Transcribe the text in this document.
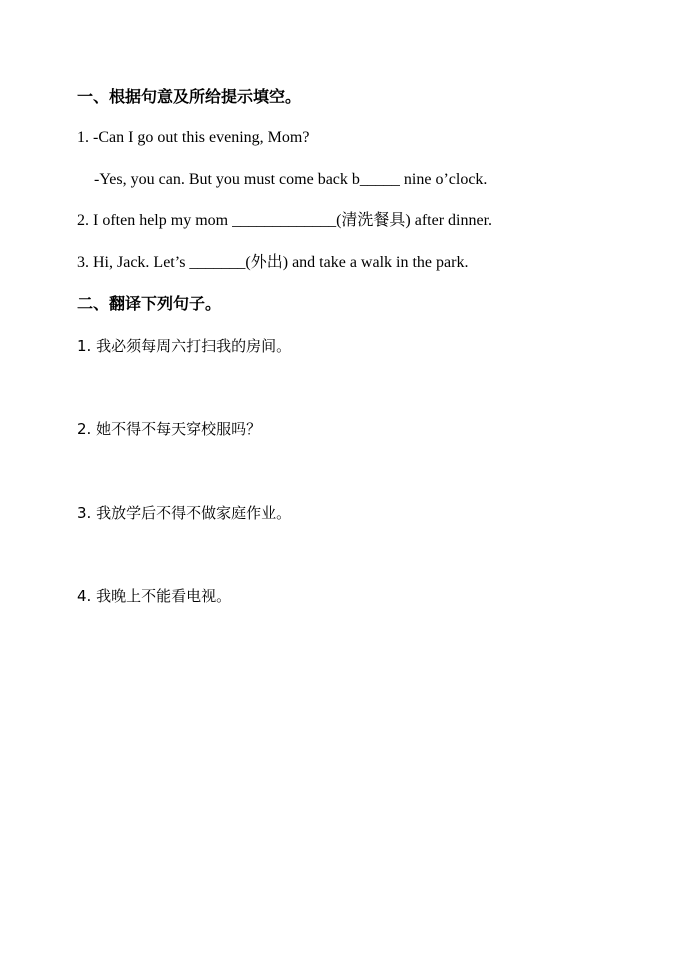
一、根据句意及所给提示填空。
1. -Can I go out this evening, Mom?
-Yes, you can. But you must come back b_____ nine o’clock.
2. I often help my mom _____________(清洗餐具) after dinner.
3. Hi, Jack. Let’s _______(外出) and take a walk in the park.
二、翻译下列句子。
1. 我必须每周六打扫我的房间。
2. 她不得不每天穿校服吗？
3. 我放学后不得不做家庭作业。
4. 我晚上不能看电视。
